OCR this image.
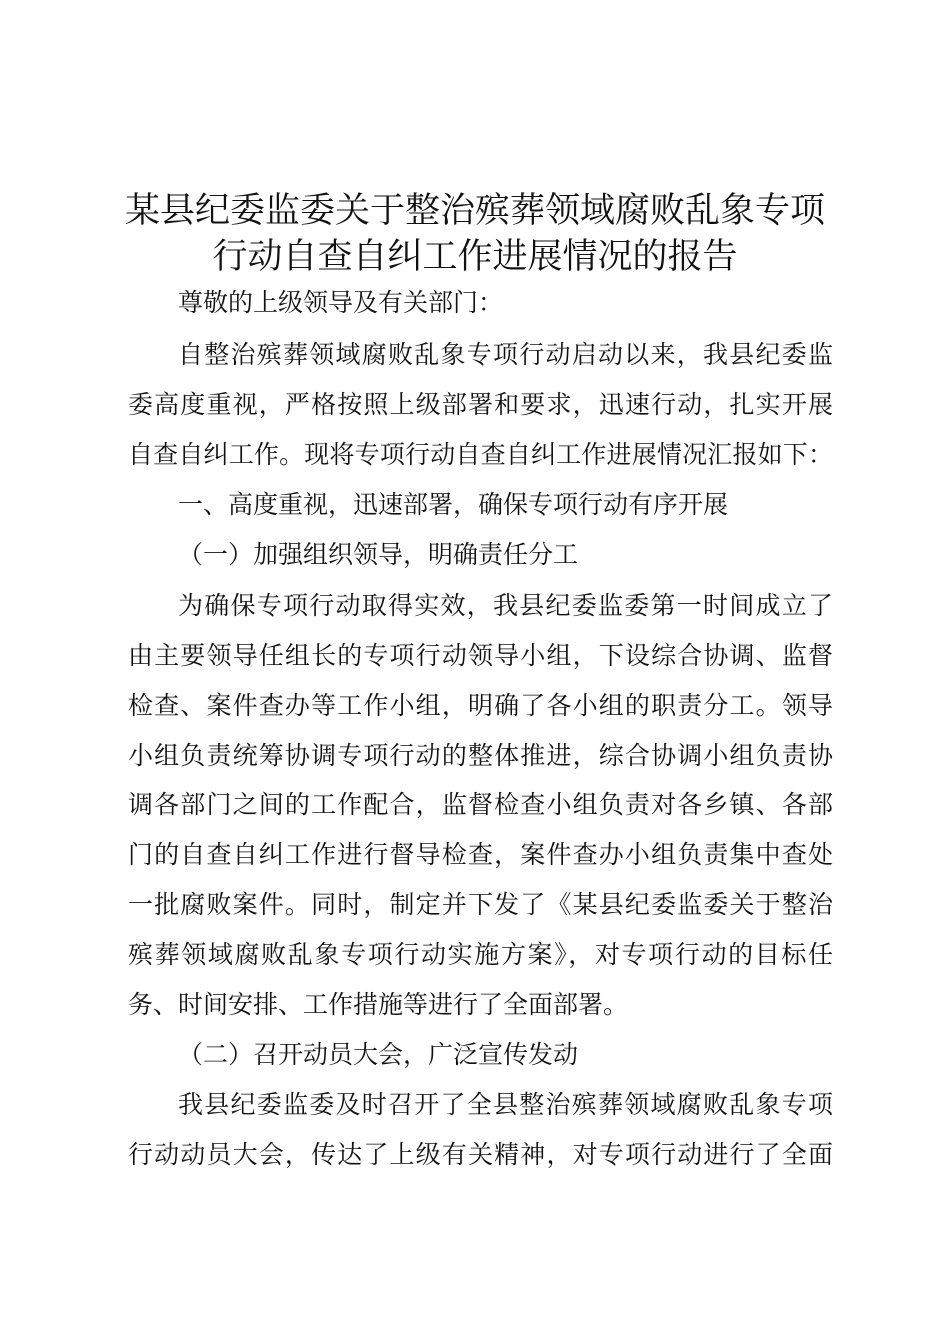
某县纪委监委关于整治殡葬领域腐败乱象专项
行动自查自纠工作进展情况的报告
尊敬的上级领导及有关部门：
自整治殡葬领域腐败乱象专项行动启动以来，我县纪委监
委高度重视，严格按照上级部署和要求，迅速行动，扎实开展
自查自纠工作。现将专项行动自查自纠工作进展情况汇报如下：
一、高度重视，迅速部署，确保专项行动有序开展
（一）加强组织领导，明确责任分工
为确保专项行动取得实效，我县纪委监委第一时间成立了
由主要领导任组长的专项行动领导小组，下设综合协调、监督
检查、案件查办等工作小组，明确了各小组的职责分工。领导
小组负责统筹协调专项行动的整体推进，综合协调小组负责协
调各部门之间的工作配合，监督检查小组负责对各乡镇、各部
门的自查自纠工作进行督导检查，案件查办小组负责集中查处
一批腐败案件。同时，制定并下发了《某县纪委监委关于整治
殡葬领域腐败乱象专项行动实施方案》，对专项行动的目标任
务、时间安排、工作措施等进行了全面部署。
（二）召开动员大会，广泛宣传发动
我县纪委监委及时召开了全县整治殡葬领域腐败乱象专项
行动动员大会，传达了上级有关精神，对专项行动进行了全面
